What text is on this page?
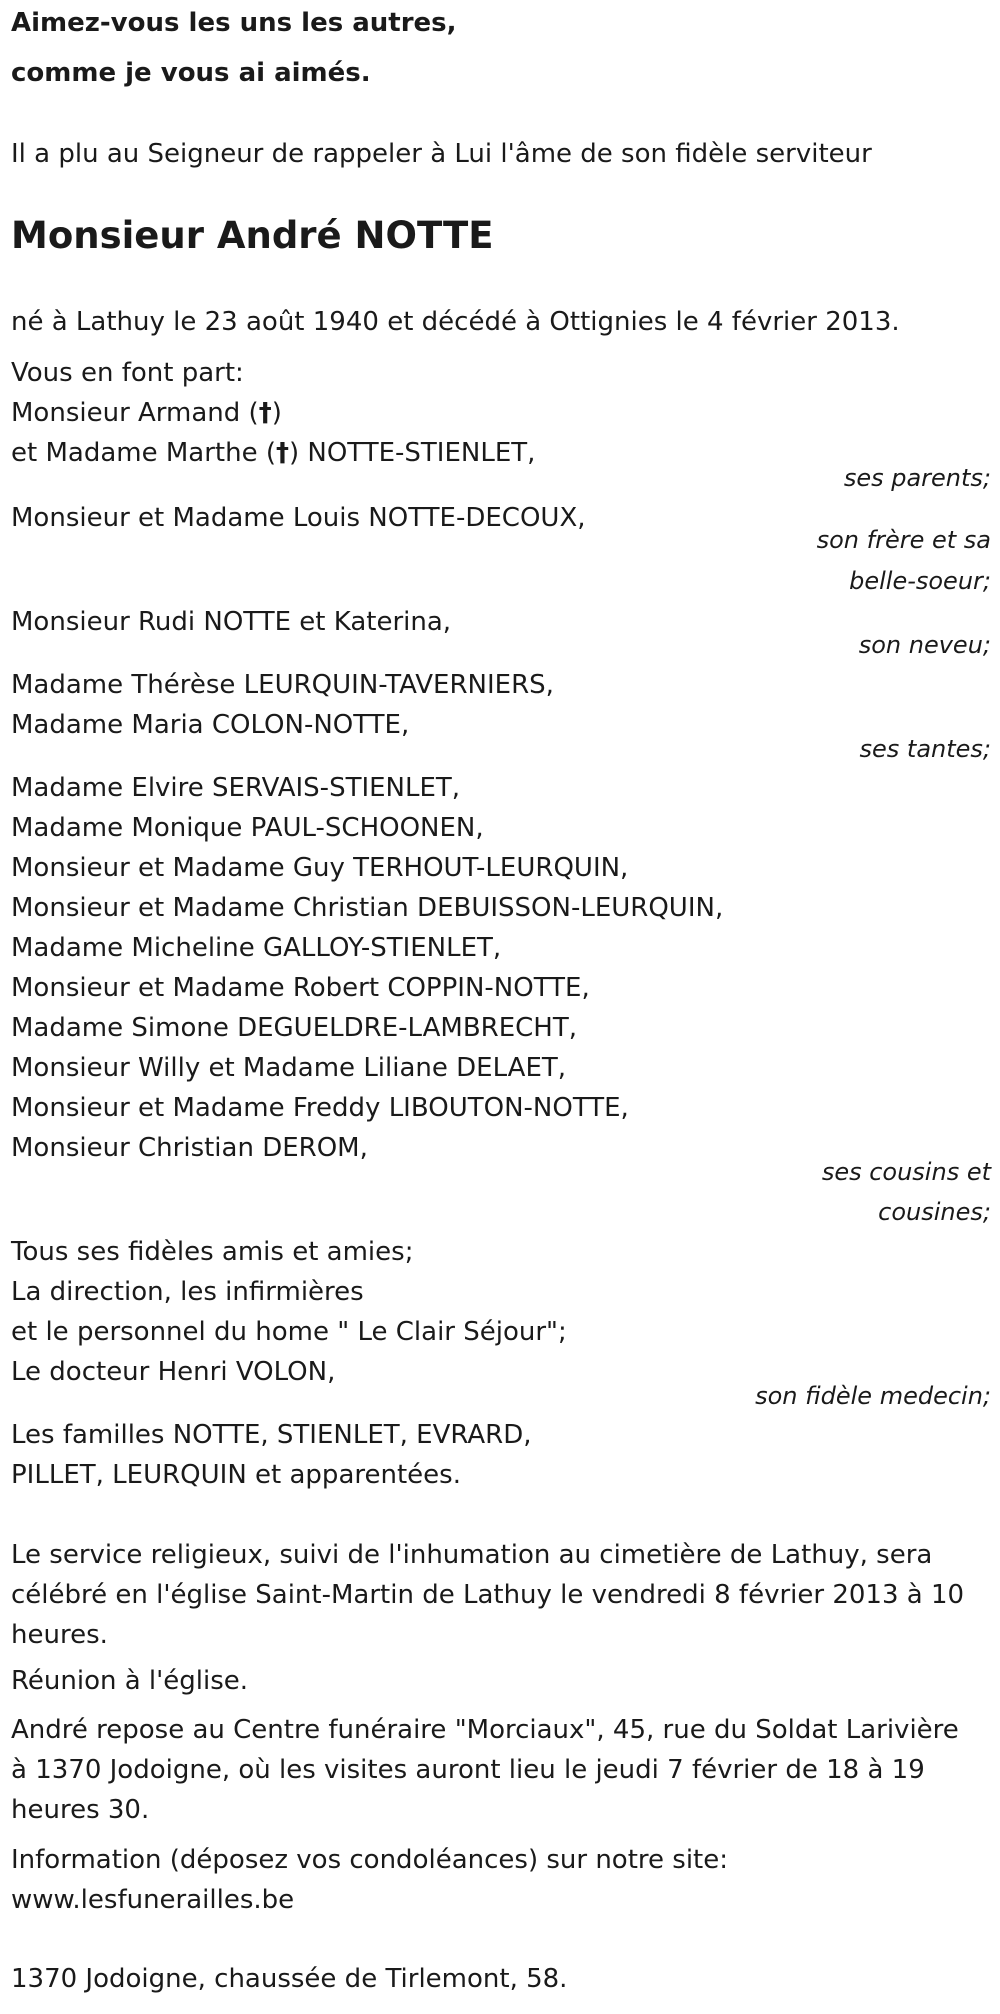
Aimez-vous les uns les autres,
comme je vous ai aimés.
Il a plu au Seigneur de rappeler à Lui l'âme de son fidèle serviteur
Monsieur André NOTTE
né à Lathuy le 23 août 1940 et décédé à Ottignies le 4 février 2013.
Vous en font part:
Monsieur Armand (†)
et Madame Marthe (†) NOTTE-STIENLET,
ses parents;
Monsieur et Madame Louis NOTTE-DECOUX,
son frère et sa
belle-soeur;
Monsieur Rudi NOTTE et Katerina,
son neveu;
Madame Thérèse LEURQUIN-TAVERNIERS,
Madame Maria COLON-NOTTE,
ses tantes;
Madame Elvire SERVAIS-STIENLET,
Madame Monique PAUL-SCHOONEN,
Monsieur et Madame Guy TERHOUT-LEURQUIN,
Monsieur et Madame Christian DEBUISSON-LEURQUIN,
Madame Micheline GALLOY-STIENLET,
Monsieur et Madame Robert COPPIN-NOTTE,
Madame Simone DEGUELDRE-LAMBRECHT,
Monsieur Willy et Madame Liliane DELAET,
Monsieur et Madame Freddy LIBOUTON-NOTTE,
Monsieur Christian DEROM,
ses cousins et
cousines;
Tous ses fidèles amis et amies;
La direction, les infirmières
et le personnel du home " Le Clair Séjour";
Le docteur Henri VOLON,
son fidèle medecin;
Les familles NOTTE, STIENLET, EVRARD,
PILLET, LEURQUIN et apparentées.
Le service religieux, suivi de l'inhumation au cimetière de Lathuy, sera
célébré en l'église Saint-Martin de Lathuy le vendredi 8 février 2013 à 10
heures.
Réunion à l'église.
André repose au Centre funéraire "Morciaux", 45, rue du Soldat Larivière
à 1370 Jodoigne, où les visites auront lieu le jeudi 7 février de 18 à 19
heures 30.
Information (déposez vos condoléances) sur notre site:
www.lesfunerailles.be
1370 Jodoigne, chaussée de Tirlemont, 58.
